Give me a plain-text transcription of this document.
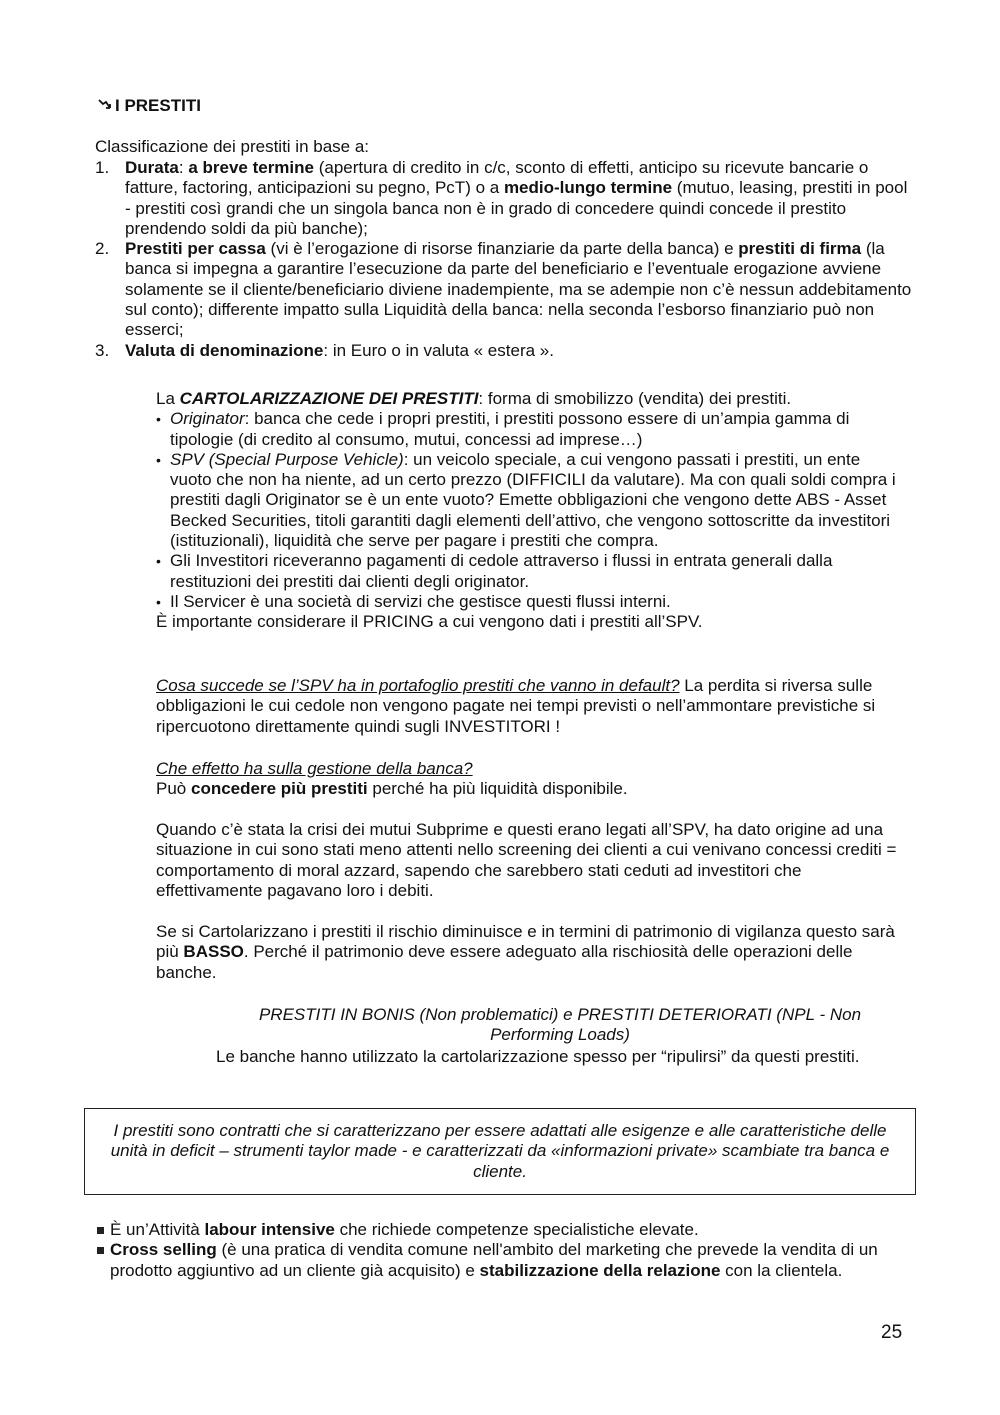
I PRESTITI
Classificazione dei prestiti in base a:
1. Durata: a breve termine (apertura di credito in c/c, sconto di effetti, anticipo su ricevute bancarie o fatture, factoring, anticipazioni su pegno, PcT) o a medio-lungo termine (mutuo, leasing, prestiti in pool - prestiti così grandi che un singola banca non è in grado di concedere quindi concede il prestito prendendo soldi da più banche);
2. Prestiti per cassa (vi è l’erogazione di risorse finanziarie da parte della banca) e prestiti di firma (la banca si impegna a garantire l’esecuzione da parte del beneficiario e l’eventuale erogazione avviene solamente se il cliente/beneficiario diviene inadempiente, ma se adempie non c’è nessun addebitamento sul conto); differente impatto sulla Liquidità della banca: nella seconda l’esborso finanziario può non esserci;
3. Valuta di denominazione: in Euro o in valuta « estera ».
La CARTOLARIZZAZIONE DEI PRESTITI: forma di smobilizzo (vendita) dei prestiti.
• Originator: banca che cede i propri prestiti, i prestiti possono essere di un’ampia gamma di tipologie (di credito al consumo, mutui, concessi ad imprese…)
• SPV (Special Purpose Vehicle): un veicolo speciale, a cui vengono passati i prestiti, un ente vuoto che non ha niente, ad un certo prezzo (DIFFICILI da valutare). Ma con quali soldi compra i prestiti dagli Originator se è un ente vuoto? Emette obbligazioni che vengono dette ABS - Asset Becked Securities, titoli garantiti dagli elementi dell’attivo, che vengono sottoscritte da investitori (istituzionali), liquidità che serve per pagare i prestiti che compra.
• Gli Investitori riceveranno pagamenti di cedole attraverso i flussi in entrata generali dalla restituzioni dei prestiti dai clienti degli originator.
• Il Servicer è una società di servizi che gestisce questi flussi interni.
È importante considerare il PRICING a cui vengono dati i prestiti all’SPV.
Cosa succede se l’SPV ha in portafoglio prestiti che vanno in default? La perdita si riversa sulle obbligazioni le cui cedole non vengono pagate nei tempi previsti o nell’ammontare previstiche si ripercuotono direttamente quindi sugli INVESTITORI !
Che effetto ha sulla gestione della banca?
Può concedere più prestiti perché ha più liquidità disponibile.
Quando c’è stata la crisi dei mutui Subprime e questi erano legati all’SPV, ha dato origine ad una situazione in cui sono stati meno attenti nello screening dei clienti a cui venivano concessi crediti = comportamento di moral azzard, sapendo che sarebbero stati ceduti ad investitori che effettivamente pagavano loro i debiti.
Se si Cartolarizzano i prestiti il rischio diminuisce e in termini di patrimonio di vigilanza questo sarà più BASSO. Perché il patrimonio deve essere adeguato alla rischiosità delle operazioni delle banche.
PRESTITI IN BONIS (Non problematici) e PRESTITI DETERIORATI (NPL - Non Performing Loads)
Le banche hanno utilizzato la cartolarizzazione spesso per “ripulirsi” da questi prestiti.
I prestiti sono contratti che si caratterizzano per essere adattati alle esigenze e alle caratteristiche delle unità in deficit – strumenti taylor made - e caratterizzati da «informazioni private» scambiate tra banca e cliente.
È un’Attività labour intensive che richiede competenze specialistiche elevate.
Cross selling (è una pratica di vendita comune nell'ambito del marketing che prevede la vendita di un prodotto aggiuntivo ad un cliente già acquisito) e stabilizzazione della relazione con la clientela.
25
